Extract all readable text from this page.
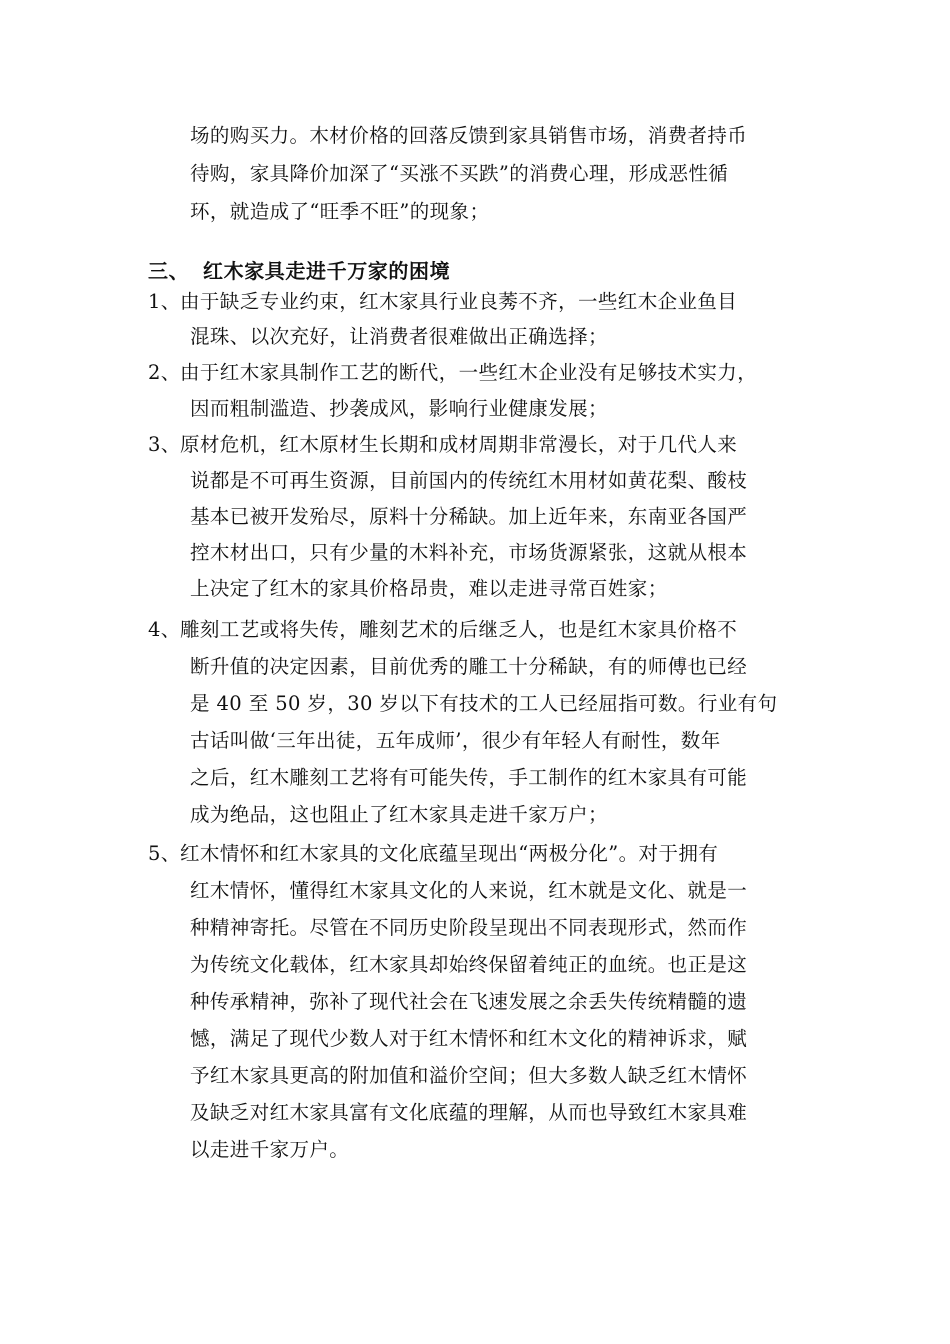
场的购买力。木材价格的回落反馈到家具销售市场，消费者持币
待购，家具降价加深了“买涨不买跌”的消费心理，形成恶性循
环，就造成了“旺季不旺”的现象；
三、 红木家具走进千万家的困境
1、 由于缺乏专业约束，红木家具行业良莠不齐，一些红木企业鱼目
混珠、以次充好，让消费者很难做出正确选择；
2、 由于红木家具制作工艺的断代，一些红木企业没有足够技术实力，
因而粗制滥造、抄袭成风，影响行业健康发展；
3、 原材危机，红木原材生长期和成材周期非常漫长，对于几代人来
说都是不可再生资源，目前国内的传统红木用材如黄花梨、酸枝
基本已被开发殆尽，原料十分稀缺。加上近年来，东南亚各国严
控木材出口，只有少量的木料补充，市场货源紧张，这就从根本
上决定了红木的家具价格昂贵，难以走进寻常百姓家；
4、 雕刻工艺或将失传，雕刻艺术的后继乏人，也是红木家具价格不
断升值的决定因素，目前优秀的雕工十分稀缺，有的师傅也已经
是 40 至 50 岁，30 岁以下有技术的工人已经屈指可数。行业有句
古话叫做‘三年出徒，五年成师’，很少有年轻人有耐性，数年
之后，红木雕刻工艺将有可能失传，手工制作的红木家具有可能
成为绝品，这也阻止了红木家具走进千家万户；
5、 红木情怀和红木家具的文化底蕴呈现出“两极分化”。对于拥有
红木情怀，懂得红木家具文化的人来说，红木就是文化、就是一
种精神寄托。尽管在不同历史阶段呈现出不同表现形式，然而作
为传统文化载体，红木家具却始终保留着纯正的血统。也正是这
种传承精神，弥补了现代社会在飞速发展之余丢失传统精髓的遗
憾，满足了现代少数人对于红木情怀和红木文化的精神诉求，赋
予红木家具更高的附加值和溢价空间；但大多数人缺乏红木情怀
及缺乏对红木家具富有文化底蕴的理解，从而也导致红木家具难
以走进千家万户。
